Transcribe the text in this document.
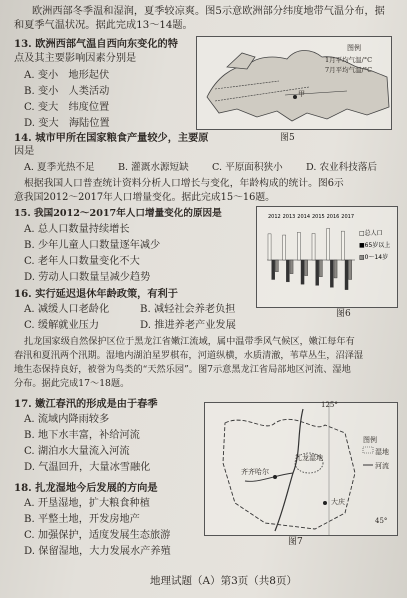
欧洲西部冬季温和湿润，夏季较凉爽。图5示意欧洲部分纬度地带气温分布，据
和夏季气温状况。据此完成13～14题。
13. 欧洲西部气温自西向东变化的特
点及其主要影响因素分别是
A. 变小　地形起伏
B. 变小　人类活动
C. 变大　纬度位置
D. 变大　海陆位置
图例
1月平均气温/°C
7月平均气温/°C
甲
图5
14. 城市甲所在国家粮食产量较少，主要原
因是
A. 夏季光热不足 B. 灌溉水源短缺 C. 平原面积狭小 D. 农业科技落后
根据我国人口普查统计资料分析人口增长与变化，年龄构成的统计。图6示
意我国2012～2017年人口增量变化。据此完成15～16题。
15. 我国2012～2017年人口增量变化的原因是
A. 总人口数量持续增长
B. 少年儿童人口数量逐年减少
C. 老年人口数量变化不大
D. 劳动人口数量呈减少趋势
2012 2013 2014 2015 2016 2017
□总人口
■65岁以上
▧0～14岁
图6
16. 实行延迟退休年龄政策，有利于
A. 减缓人口老龄化	B. 减轻社会养老负担
C. 缓解就业压力	D. 推进养老产业发展
扎龙国家级自然保护区位于黑龙江省嫩江流域，属中温带季风气候区，嫩江每年有
春汛和夏汛两个汛期。湿地内湖泊星罗棋布，河道纵横，水质清澈，苇草丛生，沼泽湿
地生态保持良好，被誉为鸟类的“天然乐园”。图7示意黑龙江省局部地区河流、湿地
分布。据此完成17～18题。
17. 嫩江春汛的形成是由于春季
A. 流域内降雨较多
B. 地下水丰富，补给河流
C. 湖泊水大量流入河流
D. 气温回升，大量冰雪融化
18. 扎龙湿地今后发展的方向是
A. 开垦湿地，扩大粮食种植
B. 平整土地，开发房地产
C. 加强保护，适度发展生态旅游
D. 保留湿地，大力发展水产养殖
125°
45°
图例
湿地
河流
齐齐哈尔
扎龙湿地
大庆
图7
地理试题（A）第3页（共8页）
